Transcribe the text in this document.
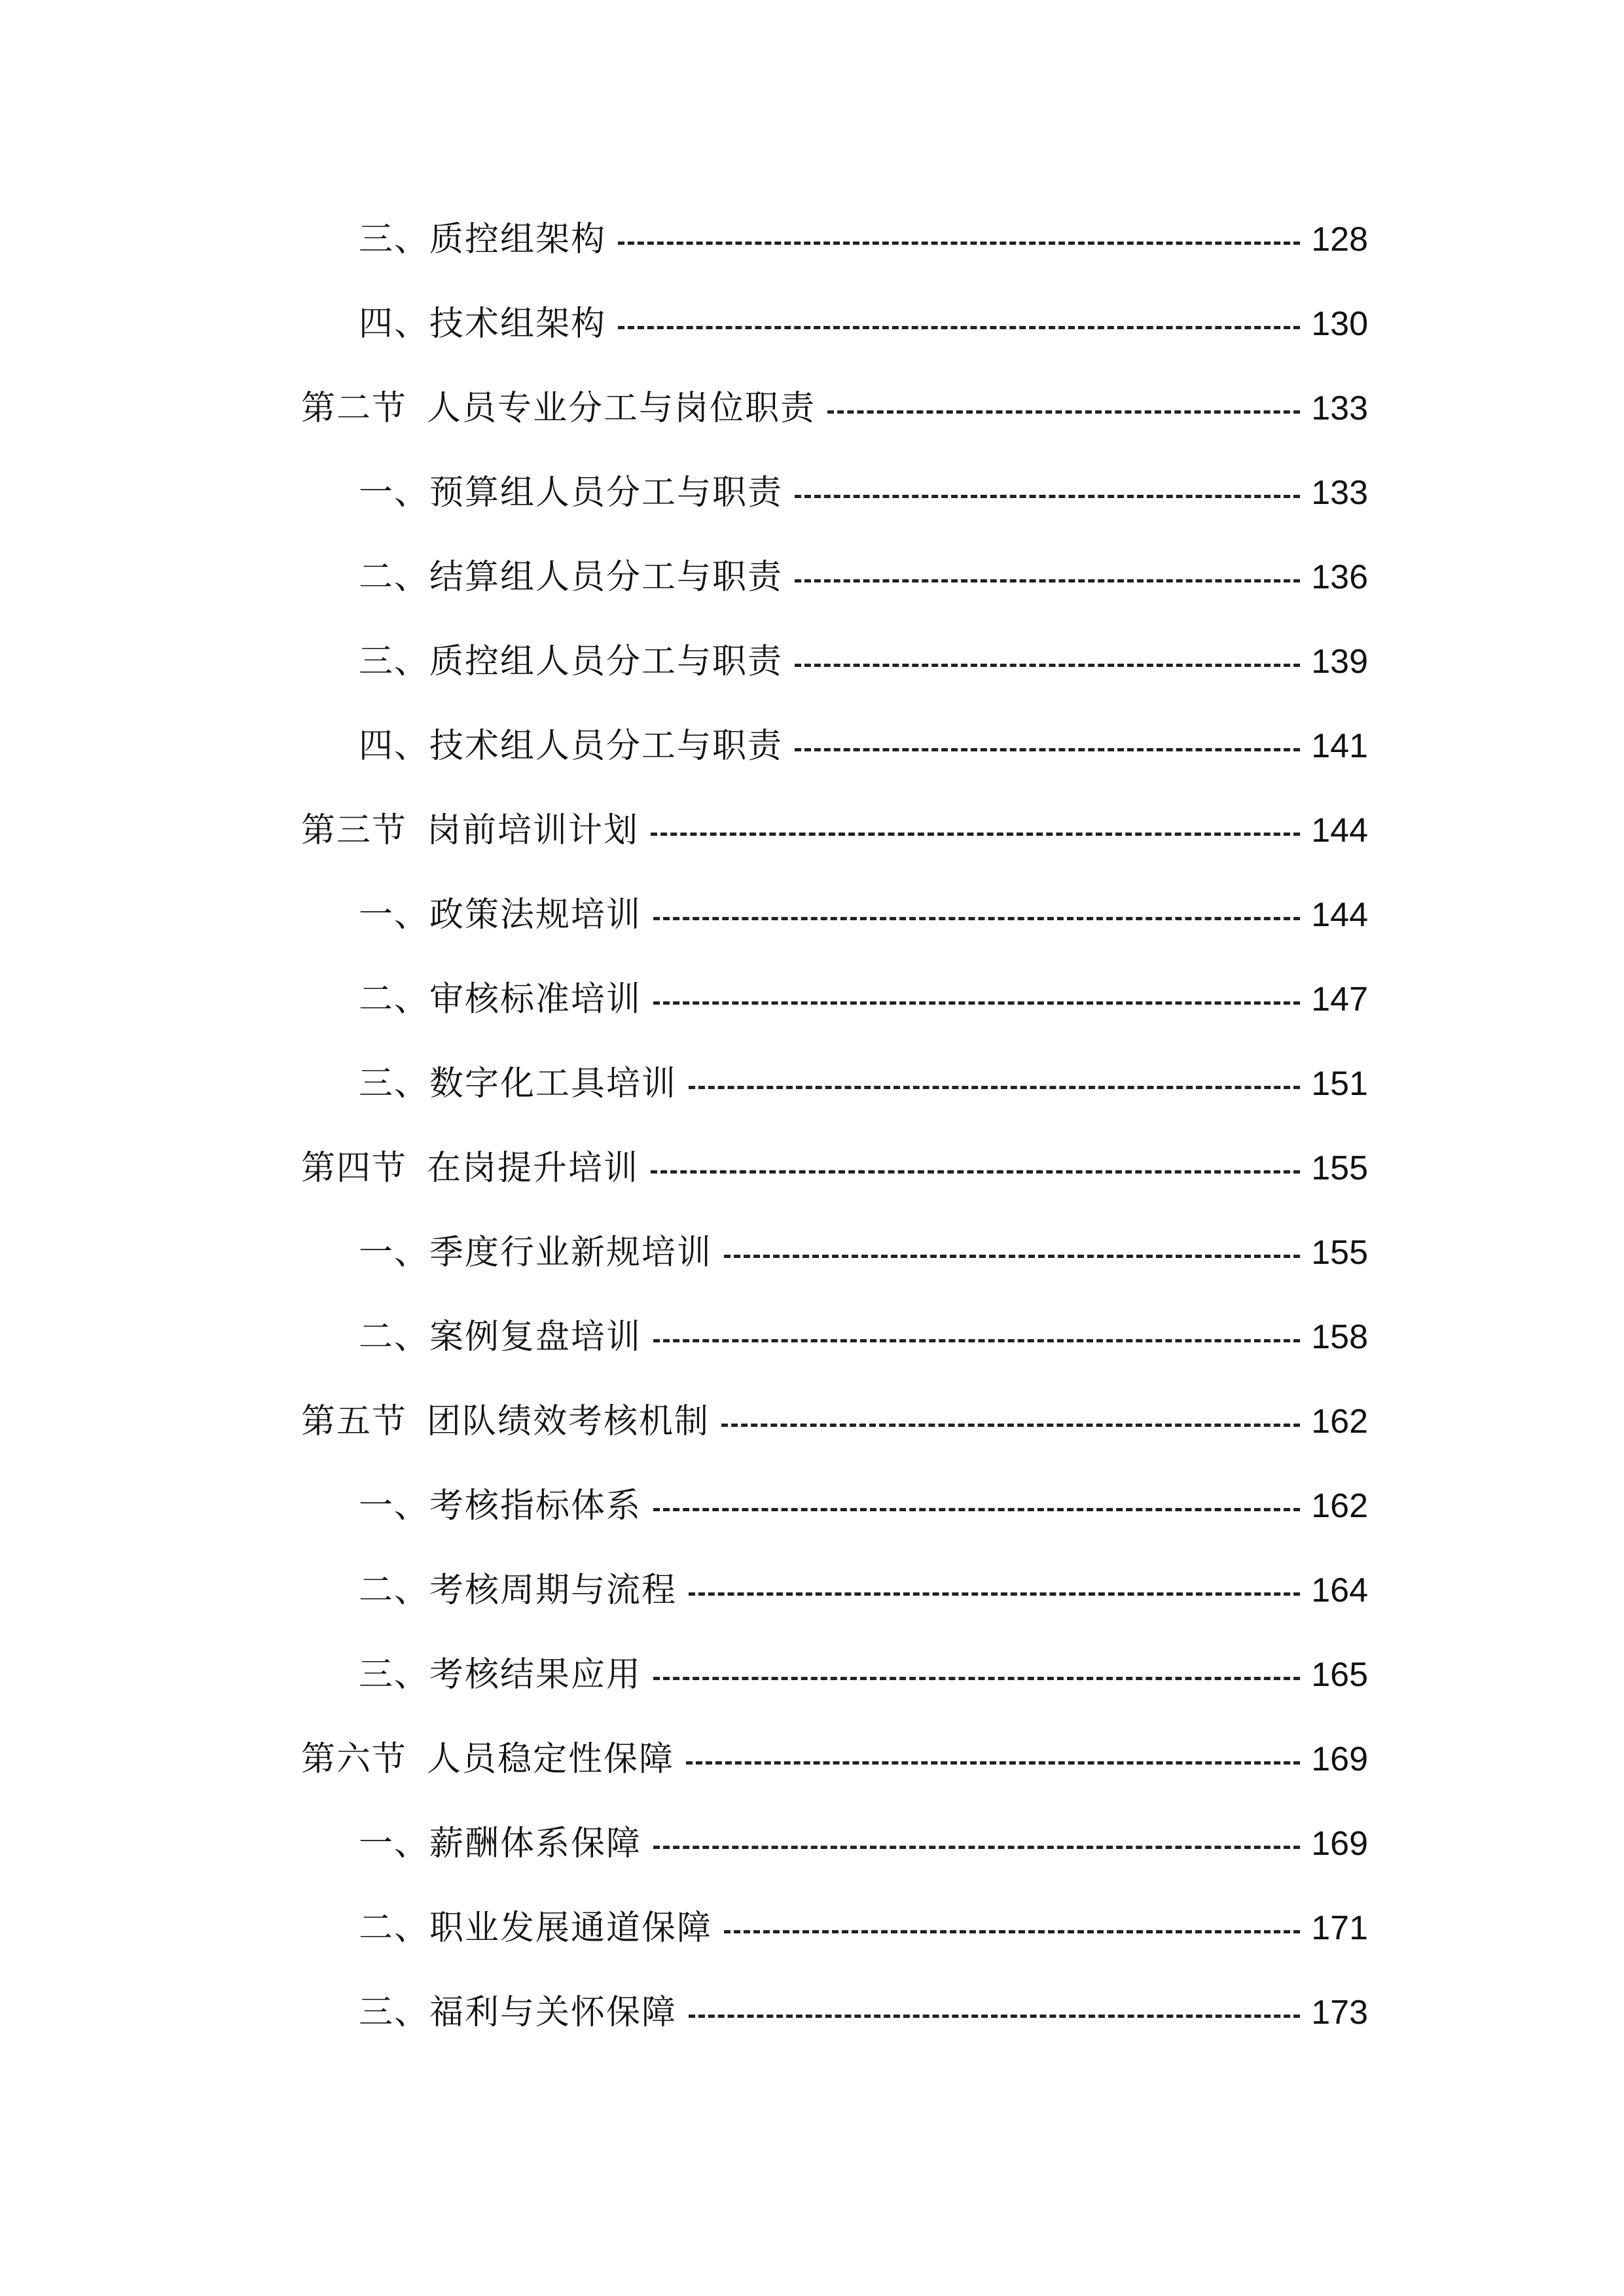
三、质控组架构	128
四、技术组架构	130
第二节 人员专业分工与岗位职责	133
一、预算组人员分工与职责	133
二、结算组人员分工与职责	136
三、质控组人员分工与职责	139
四、技术组人员分工与职责	141
第三节 岗前培训计划	144
一、政策法规培训	144
二、审核标准培训	147
三、数字化工具培训	151
第四节 在岗提升培训	155
一、季度行业新规培训	155
二、案例复盘培训	158
第五节 团队绩效考核机制	162
一、考核指标体系	162
二、考核周期与流程	164
三、考核结果应用	165
第六节 人员稳定性保障	169
一、薪酬体系保障	169
二、职业发展通道保障	171
三、福利与关怀保障	173
